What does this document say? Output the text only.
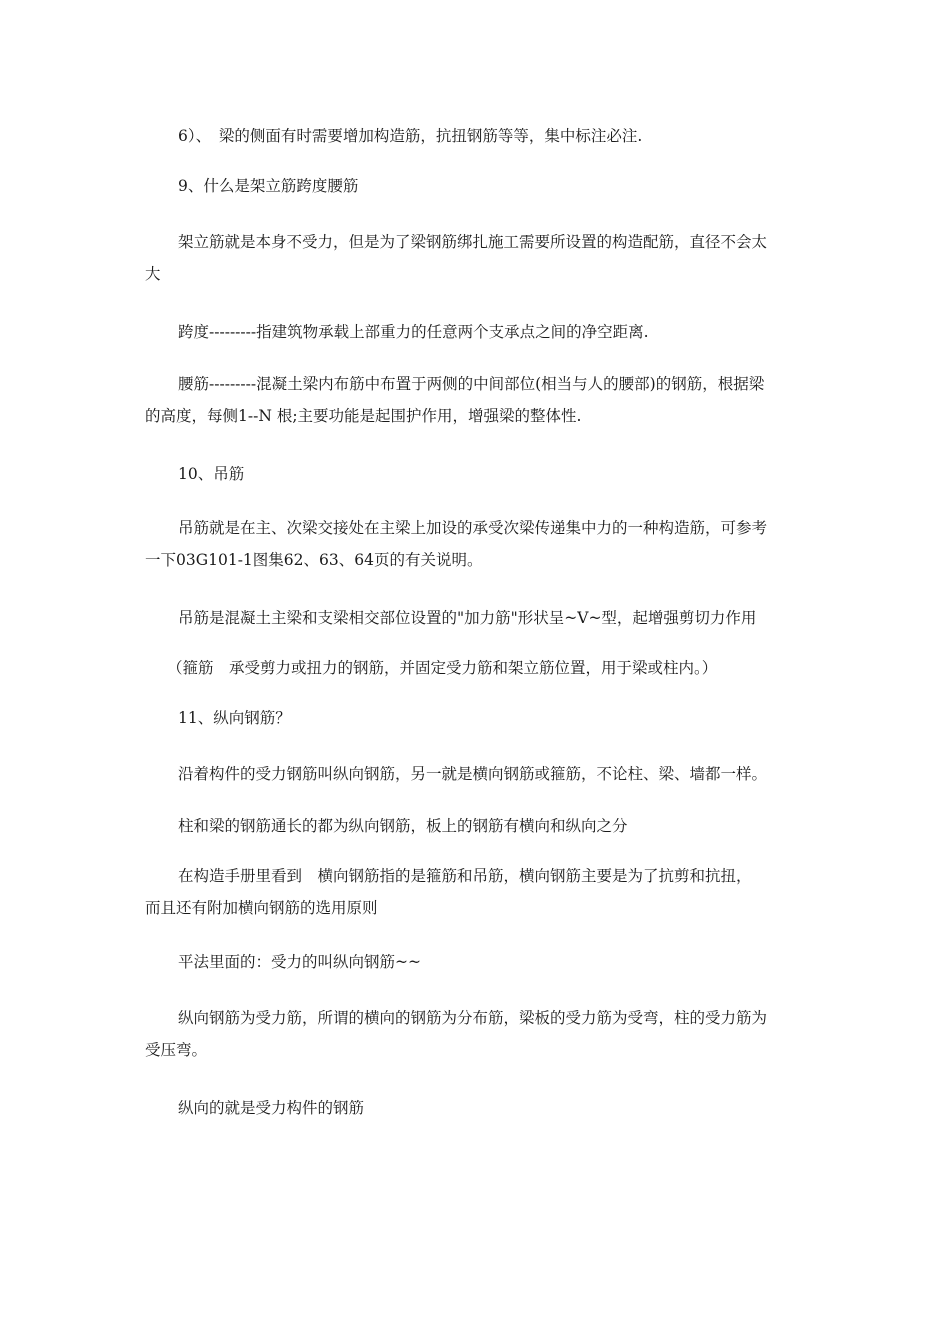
6）、　梁的侧面有时需要增加构造筋，抗扭钢筋等等，集中标注必注.

9、什么是架立筋跨度腰筋

架立筋就是本身不受力，但是为了梁钢筋绑扎施工需要所设置的构造配筋，直径不会太
大

跨度---------指建筑物承载上部重力的任意两个支承点之间的净空距离.

腰筋---------混凝土梁内布筋中布置于两侧的中间部位(相当与人的腰部)的钢筋，根据梁
的高度，每侧1--N 根;主要功能是起围护作用，增强梁的整体性.

10、吊筋

吊筋就是在主、次梁交接处在主梁上加设的承受次梁传递集中力的一种构造筋，可参考
一下03G101-1图集62、63、64页的有关说明。

吊筋是混凝土主梁和支梁相交部位设置的"加力筋"形状呈~V~型，起增强剪切力作用

（箍筋　承受剪力或扭力的钢筋，并固定受力筋和架立筋位置，用于梁或柱内。）

11、纵向钢筋？

沿着构件的受力钢筋叫纵向钢筋，另一就是横向钢筋或箍筋，不论柱、梁、墙都一样。

柱和梁的钢筋通长的都为纵向钢筋，板上的钢筋有横向和纵向之分

在构造手册里看到　横向钢筋指的是箍筋和吊筋，横向钢筋主要是为了抗剪和抗扭，
而且还有附加横向钢筋的选用原则

平法里面的：受力的叫纵向钢筋~~

纵向钢筋为受力筋，所谓的横向的钢筋为分布筋，梁板的受力筋为受弯，柱的受力筋为
受压弯。

纵向的就是受力构件的钢筋
